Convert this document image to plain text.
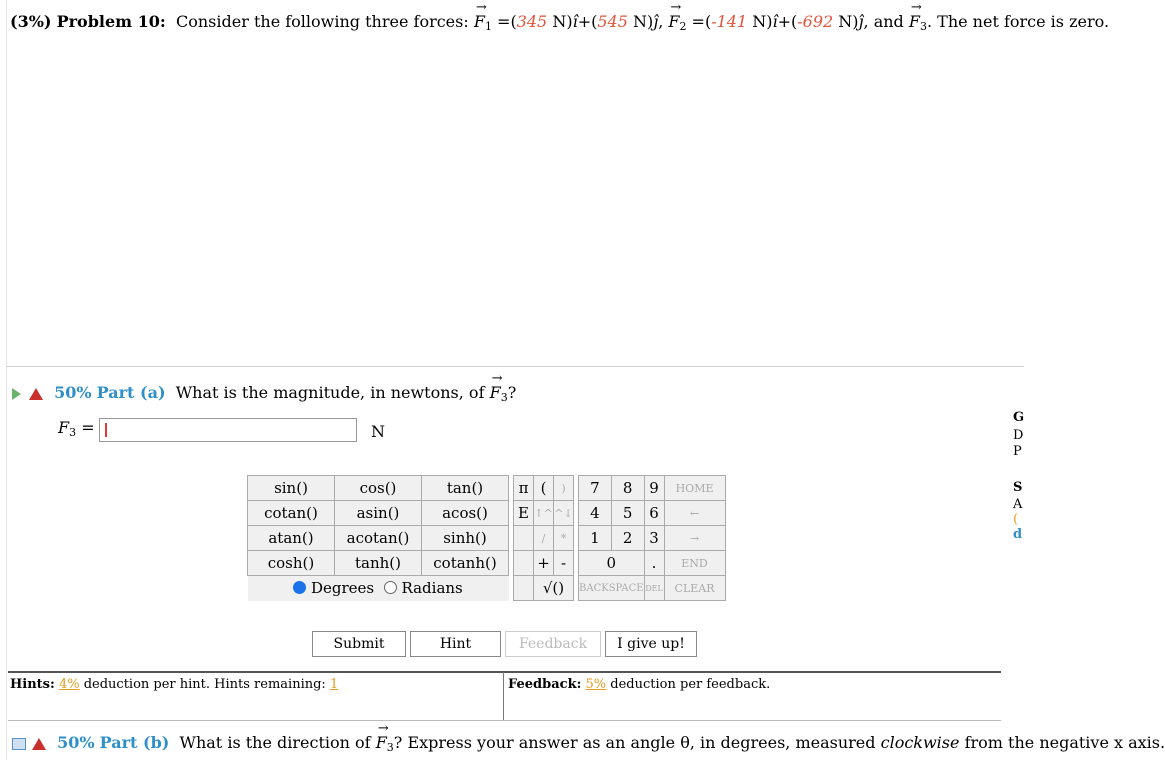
(3%) Problem 10: Consider the following three forces:
→
$F_1 =(345$ N)î+(545 N)ĵ,
→
$F_2 =(-141$ N)î+(-692 N)ĵ, and
→
$F_3$. The net force is zero.
50% Part (a) What is the magnitude, in newtons, of
→
$F_3$?
$F_3$ =	N
sin()	cos()	tan()		π	(	)		7	8	9	HOME
cotan()	asin()	acos()		E	↑^	^↓		4	5	6	←
atan()	acotan()	sinh()			/	*		1	2	3	→
cosh()	tanh()	cotanh()			+	-		0		.	END
Degrees Radians					√()			BACKSPACE		DEL	CLEAR
Submit	Hint	Feedback	I give up!
Hints: 4% deduction per hint. Hints remaining: 1	Feedback: 5% deduction per feedback.
50% Part (b) What is the direction of
→
$F_3$? Express your answer as an angle θ, in degrees, measured clockwise from the negative x axis.
G
D
P
S
A
(
d
